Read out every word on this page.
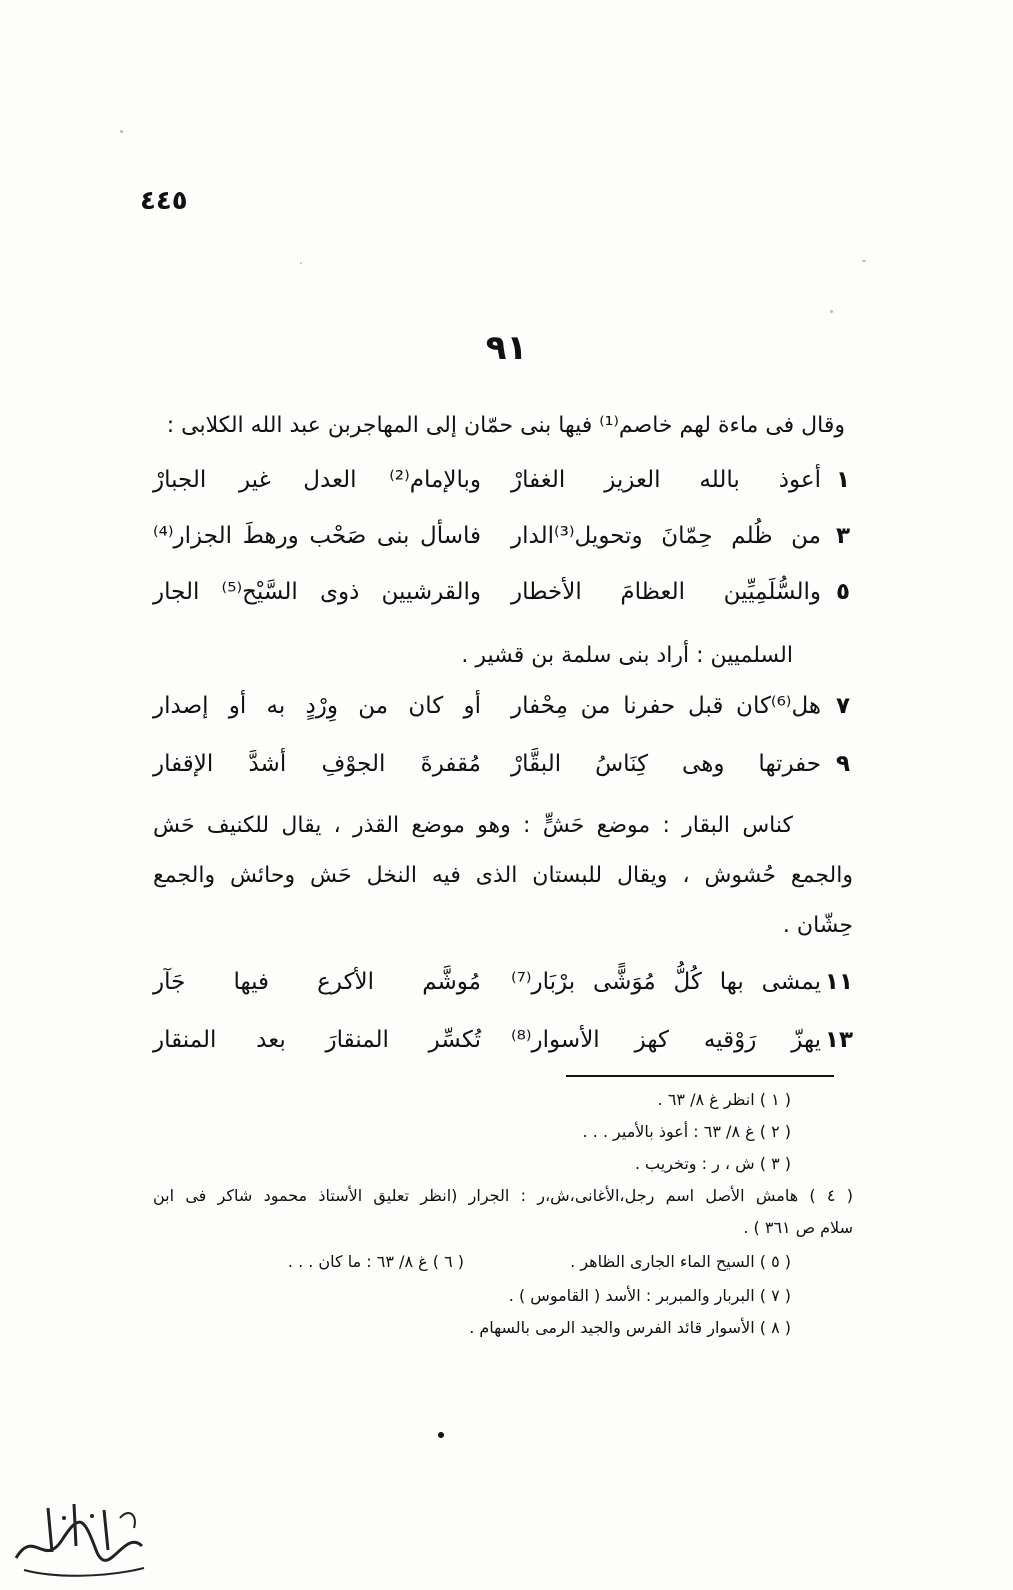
٤٤٥
٩١
وقال فى ماءة لهم خاصم⁽¹⁾ فيها بنى حمّان إلى المهاجربن عبد الله الكلابى :
١
أعوذ بالله العزيز الغفارْ
وبالإمام⁽²⁾ العدل غير الجبارْ
٣
من ظُلم حِمّانَ وتحويل⁽³⁾الدار
فاسأل بنى صَحْب ورهطَ الجزار⁽⁴⁾
٥
والسُّلَمِيِّين العظامَ الأخطار
والقرشيين ذوى السَّيْح⁽⁵⁾ الجار
السلميين : أراد بنى سلمة بن قشير .
٧
هل⁽⁶⁾كان قبل حفرنا من مِحْفار
أو كان من وِرْدٍ به أو إصدار
٩
حفرتها وهى كِنَاسُ البقَّارْ
مُقفرةَ الجوْفِ أشدَّ الإقفار
كناس البقار : موضع حَشٍّ : وهو موضع القذر ، يقال للكنيف حَش
والجمع حُشوش ، ويقال للبستان الذى فيه النخل حَش وحائش والجمع
حِشّان .
١١
يمشى بها كُلُّ مُوَشًّى برْبَار⁽⁷⁾
مُوشَّم الأكرع فيها جَآر
١٣
يهزّ رَوْقيه كهز الأسوار⁽⁸⁾
تُكسِّر المنقارَ بعد المنقار
( ١ ) انظر غ ٨/ ٦٣ .
( ٢ ) غ ٨/ ٦٣ : أعوذ بالأمير . . .
( ٣ ) ش ، ر : وتخريب .
( ٤ ) هامش الأصل اسم رجل،الأغانى،ش،ر : الجرار (انظر تعليق الأستاذ محمود شاكر فى ابن
سلام ص ٣٦١ ) .
( ٥ ) السيح الماء الجارى الظاهر .
( ٦ ) غ ٨/ ٦٣ : ما كان . . .
( ٧ ) البربار والمبربر : الأسد ( القاموس ) .
( ٨ ) الأسوار قائد الفرس والجيد الرمى بالسهام .
